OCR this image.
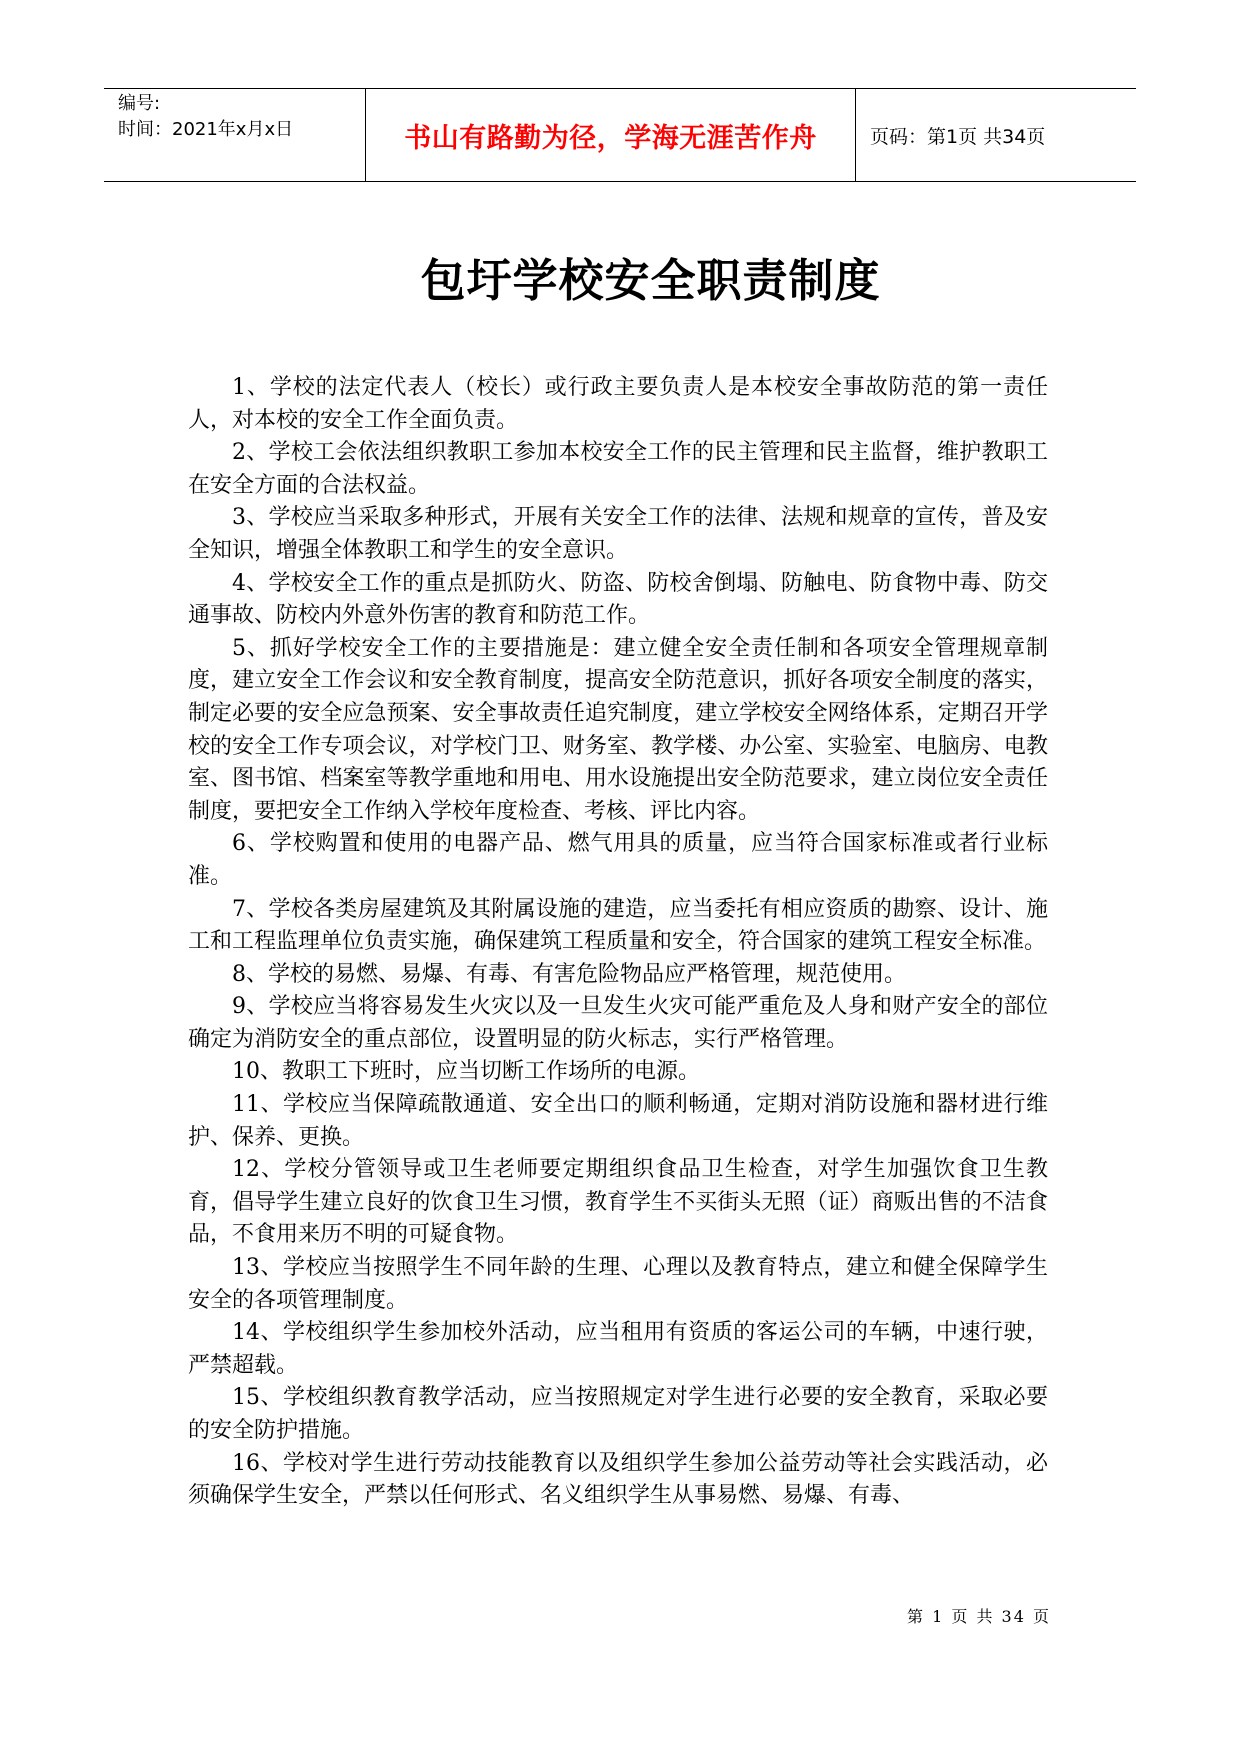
编号:
时间：2021年x月x日	书山有路勤为径，学海无涯苦作舟	页码：第1页 共34页
包圩学校安全职责制度

1、学校的法定代表人（校长）或行政主要负责人是本校安全事故防范的第一责任人，对本校的安全工作全面负责。

2、学校工会依法组织教职工参加本校安全工作的民主管理和民主监督，维护教职工在安全方面的合法权益。

3、学校应当采取多种形式，开展有关安全工作的法律、法规和规章的宣传，普及安全知识，增强全体教职工和学生的安全意识。

4、学校安全工作的重点是抓防火、防盗、防校舍倒塌、防触电、防食物中毒、防交通事故、防校内外意外伤害的教育和防范工作。

5、抓好学校安全工作的主要措施是：建立健全安全责任制和各项安全管理规章制度，建立安全工作会议和安全教育制度，提高安全防范意识，抓好各项安全制度的落实，制定必要的安全应急预案、安全事故责任追究制度，建立学校安全网络体系，定期召开学校的安全工作专项会议，对学校门卫、财务室、教学楼、办公室、实验室、电脑房、电教室、图书馆、档案室等教学重地和用电、用水设施提出安全防范要求，建立岗位安全责任制度，要把安全工作纳入学校年度检查、考核、评比内容。

6、学校购置和使用的电器产品、燃气用具的质量，应当符合国家标准或者行业标准。

7、学校各类房屋建筑及其附属设施的建造，应当委托有相应资质的勘察、设计、施工和工程监理单位负责实施，确保建筑工程质量和安全，符合国家的建筑工程安全标准。

8、学校的易燃、易爆、有毒、有害危险物品应严格管理，规范使用。

9、学校应当将容易发生火灾以及一旦发生火灾可能严重危及人身和财产安全的部位确定为消防安全的重点部位，设置明显的防火标志，实行严格管理。

10、教职工下班时，应当切断工作场所的电源。

11、学校应当保障疏散通道、安全出口的顺利畅通，定期对消防设施和器材进行维护、保养、更换。

12、学校分管领导或卫生老师要定期组织食品卫生检查，对学生加强饮食卫生教育，倡导学生建立良好的饮食卫生习惯，教育学生不买街头无照（证）商贩出售的不洁食品，不食用来历不明的可疑食物。

13、学校应当按照学生不同年龄的生理、心理以及教育特点，建立和健全保障学生安全的各项管理制度。

14、学校组织学生参加校外活动，应当租用有资质的客运公司的车辆，中速行驶，严禁超载。

15、学校组织教育教学活动，应当按照规定对学生进行必要的安全教育，采取必要的安全防护措施。

16、学校对学生进行劳动技能教育以及组织学生参加公益劳动等社会实践活动，必须确保学生安全，严禁以任何形式、名义组织学生从事易燃、易爆、有毒、

第 1 页 共 34 页
